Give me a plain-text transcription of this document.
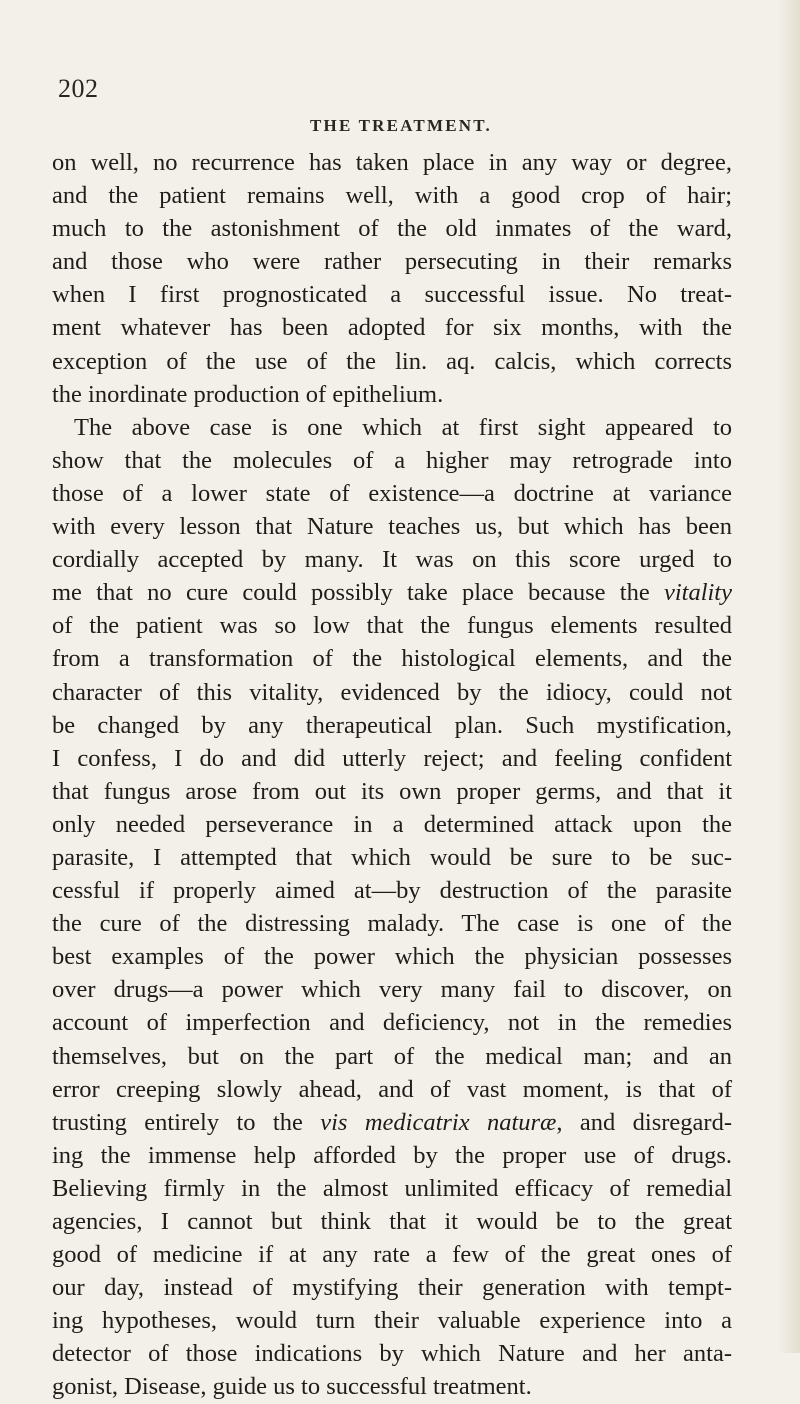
202
THE TREATMENT.
on well, no recurrence has taken place in any way or degree,
and the patient remains well, with a good crop of hair;
much to the astonishment of the old inmates of the ward,
and those who were rather persecuting in their remarks
when I first prognosticated a successful issue. No treat-
ment whatever has been adopted for six months, with the
exception of the use of the lin. aq. calcis, which corrects
the inordinate production of epithelium.
The above case is one which at first sight appeared to
show that the molecules of a higher may retrograde into
those of a lower state of existence—a doctrine at variance
with every lesson that Nature teaches us, but which has been
cordially accepted by many. It was on this score urged to
me that no cure could possibly take place because the vitality
of the patient was so low that the fungus elements resulted
from a transformation of the histological elements, and the
character of this vitality, evidenced by the idiocy, could not
be changed by any therapeutical plan. Such mystification,
I confess, I do and did utterly reject; and feeling confident
that fungus arose from out its own proper germs, and that it
only needed perseverance in a determined attack upon the
parasite, I attempted that which would be sure to be suc-
cessful if properly aimed at—by destruction of the parasite
the cure of the distressing malady. The case is one of the
best examples of the power which the physician possesses
over drugs—a power which very many fail to discover, on
account of imperfection and deficiency, not in the remedies
themselves, but on the part of the medical man; and an
error creeping slowly ahead, and of vast moment, is that of
trusting entirely to the vis medicatrix naturæ, and disregard-
ing the immense help afforded by the proper use of drugs.
Believing firmly in the almost unlimited efficacy of remedial
agencies, I cannot but think that it would be to the great
good of medicine if at any rate a few of the great ones of
our day, instead of mystifying their generation with tempt-
ing hypotheses, would turn their valuable experience into a
detector of those indications by which Nature and her anta-
gonist, Disease, guide us to successful treatment.
